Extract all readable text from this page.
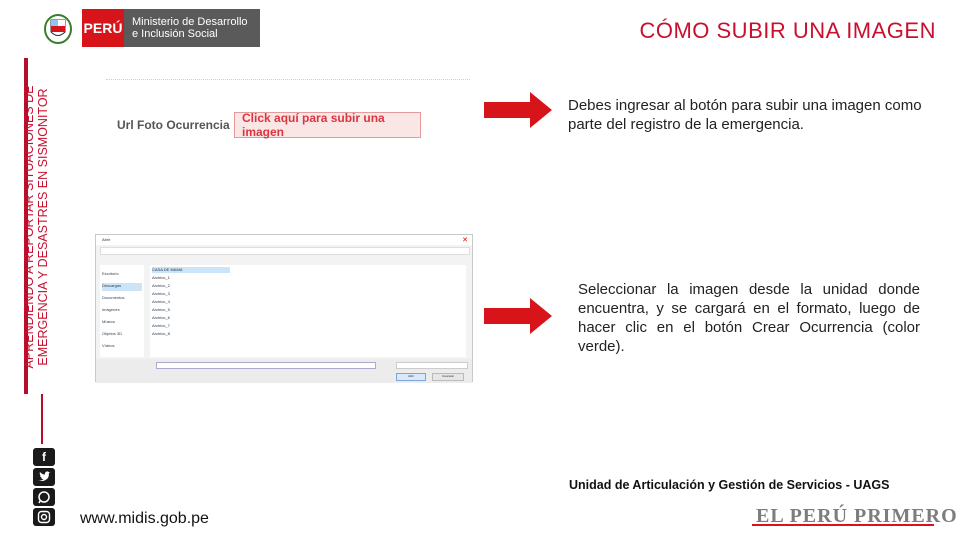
PERÚ Ministerio de Desarrollo
e Inclusión Social	CÓMO SUBIR UNA IMAGEN
APRENDIENDO A REPORTAR SITUACIONES DE EMERGENCIA Y DESASTRES EN SISMONITOR
f
Url Foto Ocurrencia	Click aquí para subir una imagen
Abrir	✕
Escritorio
Descargas
Documentos
Imágenes
Música
Objetos 3D
Vídeos
CASA DE MAMA
Archivo_1
Archivo_2
Archivo_3
Archivo_4
Archivo_5
Archivo_6
Archivo_7
Archivo_8
Abrir	Cancelar
Debes ingresar al botón para subir una imagen como parte del registro de la emergencia.
Seleccionar la imagen desde la unidad donde encuentra, y se cargará en el formato, luego de hacer clic en el botón Crear Ocurrencia (color verde).
Unidad de Articulación y Gestión de Servicios - UAGS
www.midis.gob.pe	EL PERÚ PRIMERO
